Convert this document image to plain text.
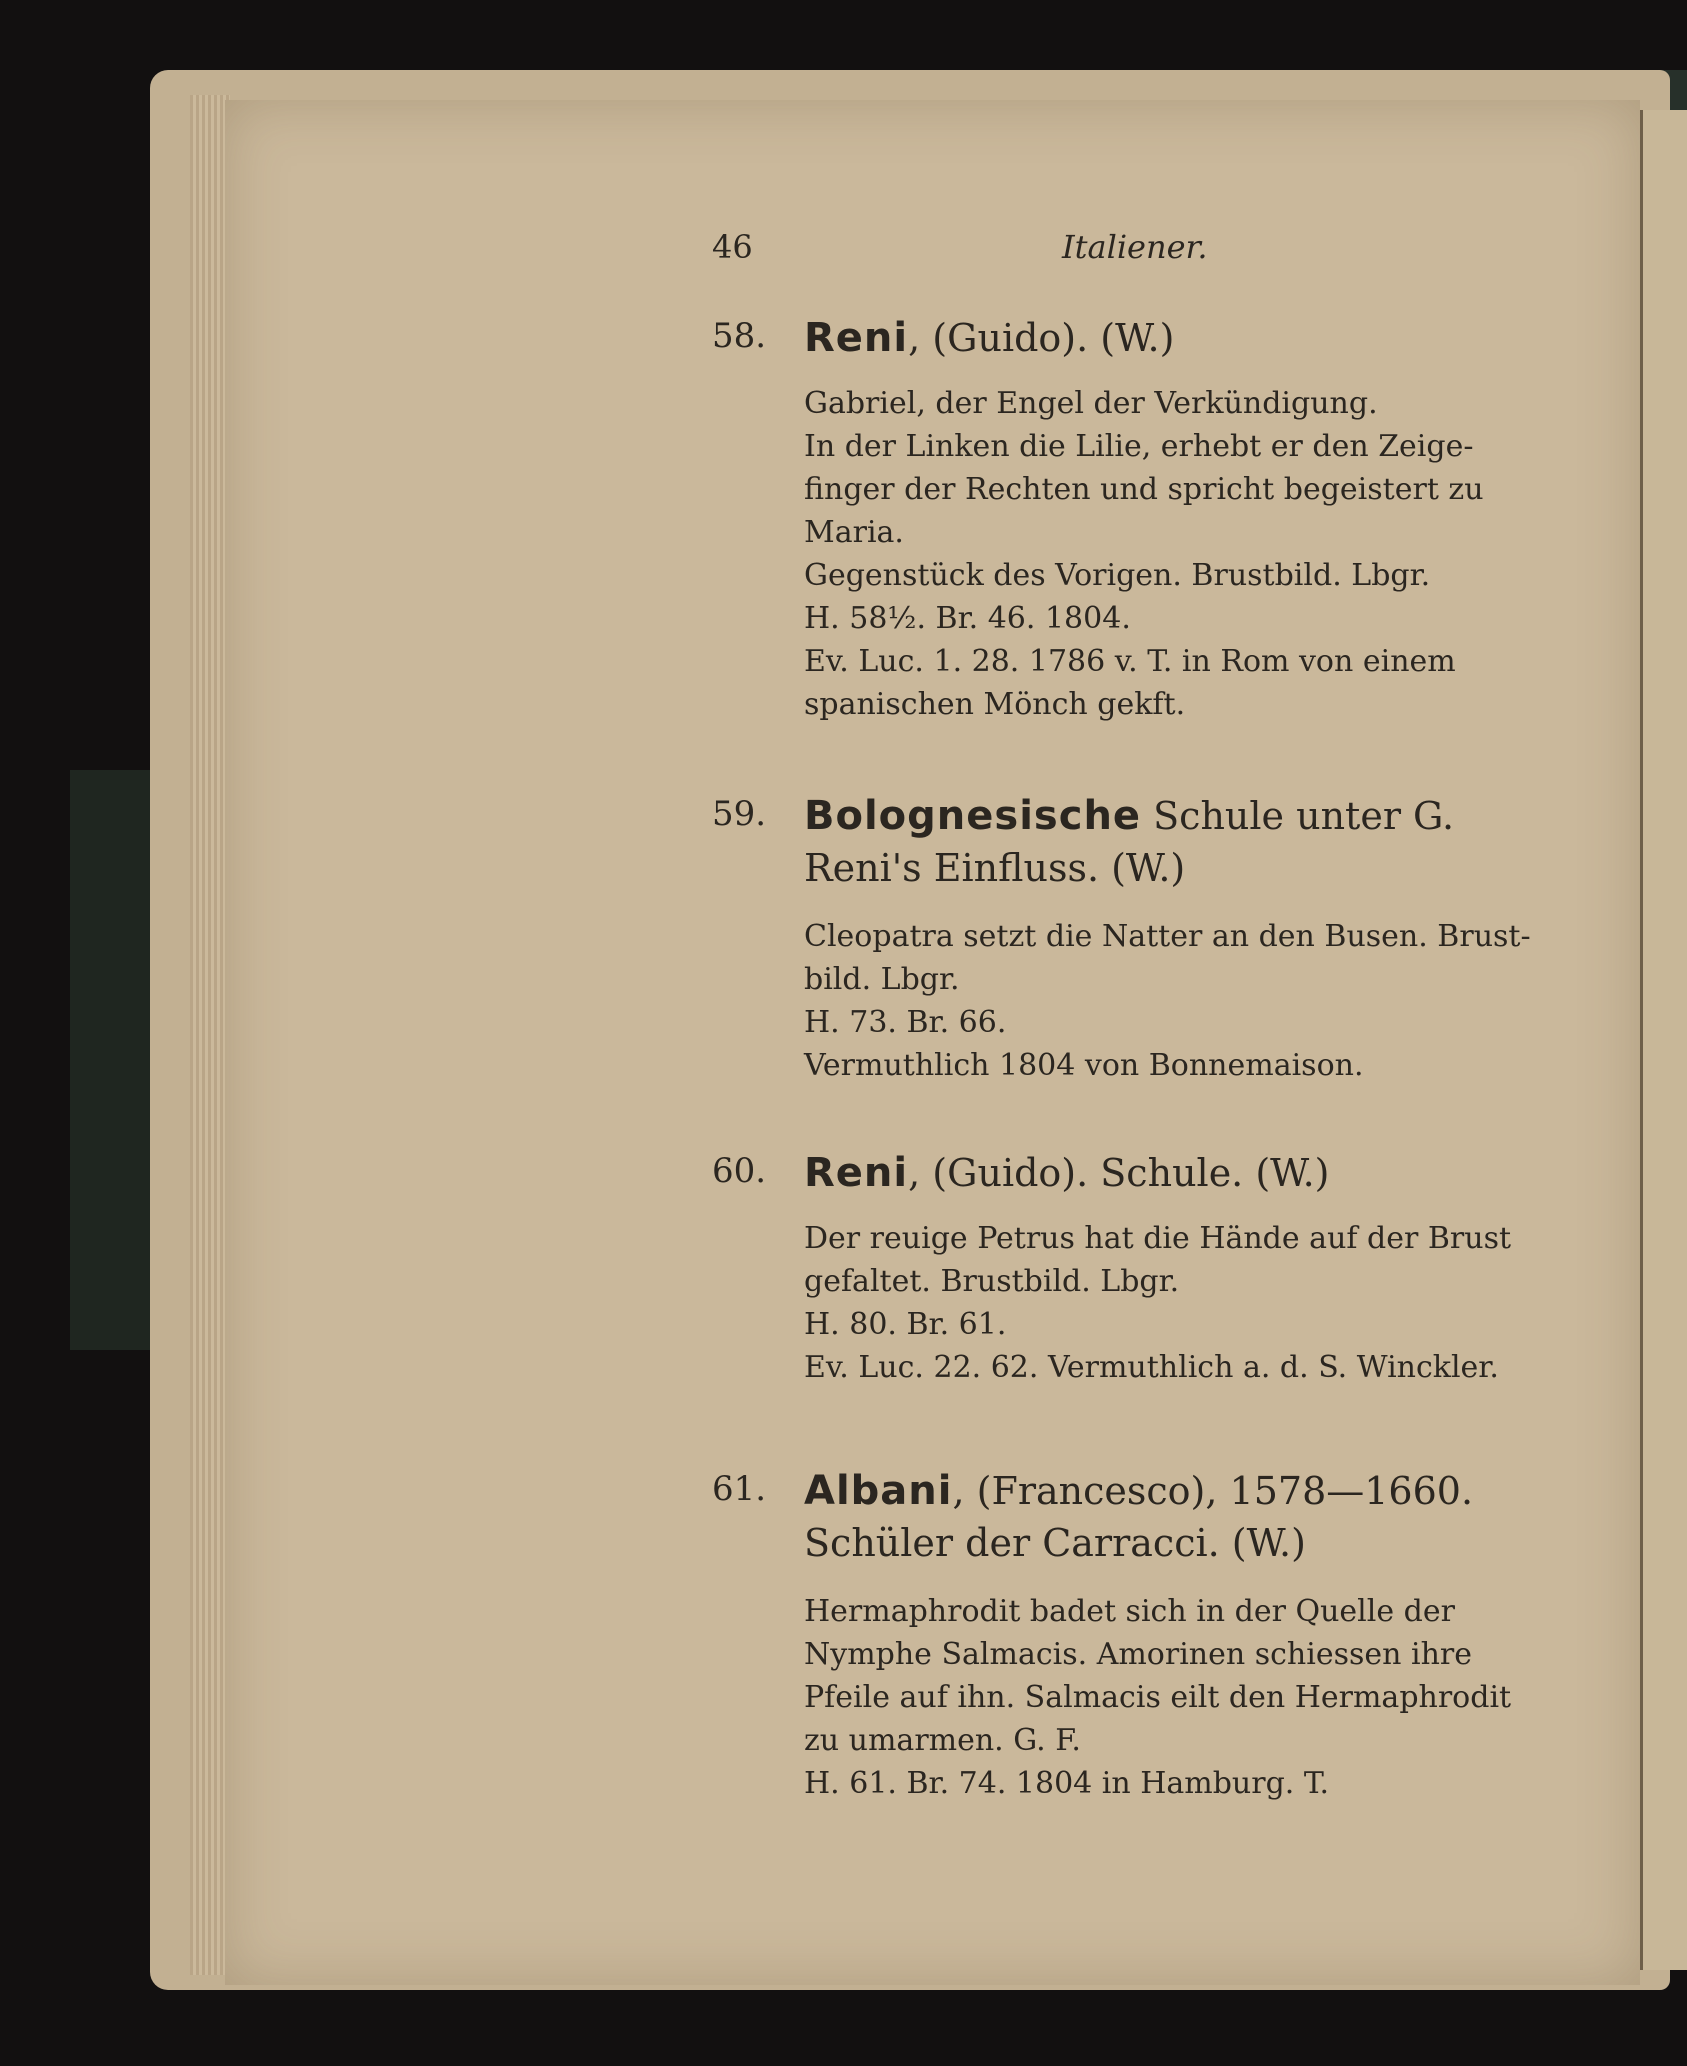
46	Italiener.
58. Reni, (Guido). (W.)
Gabriel, der Engel der Verkündigung.
In der Linken die Lilie, erhebt er den Zeige-
finger der Rechten und spricht begeistert zu
Maria.
Gegenstück des Vorigen. Brustbild. Lbgr.
H. 58½. Br. 46. 1804.
Ev. Luc. 1. 28. 1786 v. T. in Rom von einem
spanischen Mönch gekft.
59. Bolognesische Schule unter G.
Reni's Einfluss. (W.)
Cleopatra setzt die Natter an den Busen. Brust-
bild. Lbgr.
H. 73. Br. 66.
Vermuthlich 1804 von Bonnemaison.
60. Reni, (Guido). Schule. (W.)
Der reuige Petrus hat die Hände auf der Brust
gefaltet. Brustbild. Lbgr.
H. 80. Br. 61.
Ev. Luc. 22. 62. Vermuthlich a. d. S. Winckler.
61. Albani, (Francesco), 1578—1660.
Schüler der Carracci. (W.)
Hermaphrodit badet sich in der Quelle der
Nymphe Salmacis. Amorinen schiessen ihre
Pfeile auf ihn. Salmacis eilt den Hermaphrodit
zu umarmen. G. F.
H. 61. Br. 74. 1804 in Hamburg. T.
